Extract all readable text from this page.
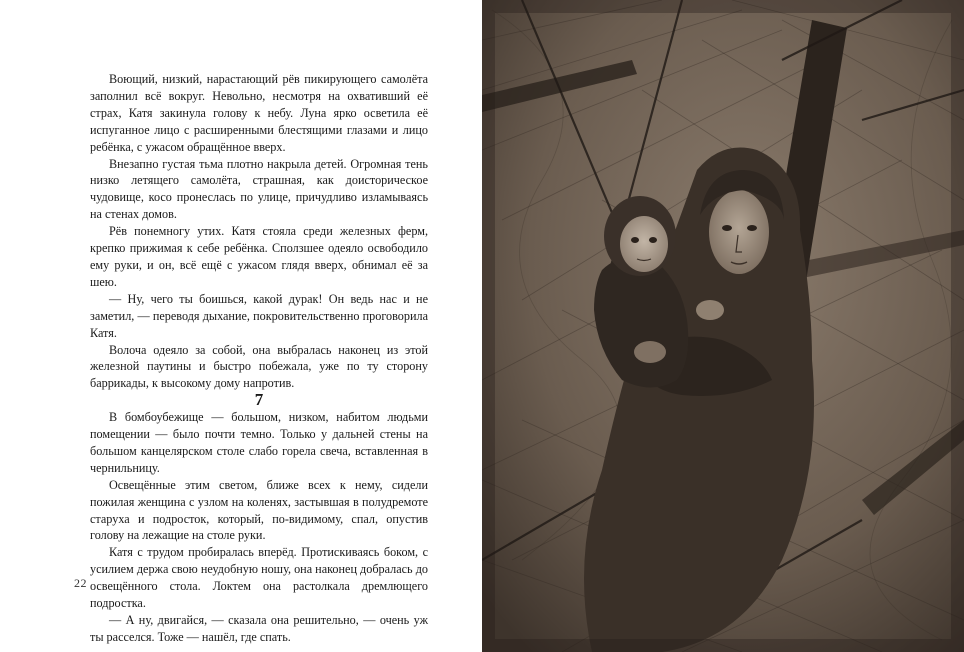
Воющий, низкий, нарастающий рёв пикирующего самолёта заполнил всё вокруг. Невольно, несмотря на охвативший её страх, Катя закинула голову к небу. Луна ярко осветила её испуганное лицо с расширенными блестящими глазами и лицо ребёнка, с ужасом обращённое вверх.

Внезапно густая тьма плотно накрыла детей. Огромная тень низко летящего самолёта, страшная, как доисторическое чудовище, косо пронеслась по улице, причудливо изламываясь на стенах домов.

Рёв понемногу утих. Катя стояла среди железных ферм, крепко прижимая к себе ребёнка. Сползшее одеяло освободило ему руки, и он, всё ещё с ужасом глядя вверх, обнимал её за шею.

— Ну, чего ты боишься, какой дурак! Он ведь нас и не заметил, — переводя дыхание, покровительственно проговорила Катя.

Волоча одеяло за собой, она выбралась наконец из этой железной паутины и быстро побежала, уже по ту сторону баррикады, к высокому дому напротив.

7

В бомбоубежище — большом, низком, набитом людьми помещении — было почти темно. Только у дальней стены на большом канцелярском столе слабо горела свеча, вставленная в чернильницу.

Освещённые этим светом, ближе всех к нему, сидели пожилая женщина с узлом на коленях, застывшая в полудремоте старуха и подросток, который, по-видимому, спал, опустив голову на лежащие на столе руки.

Катя с трудом пробиралась вперёд. Протискиваясь боком, с усилием держа свою неудобную ношу, она наконец добралась до освещённого стола. Локтем она растолкала дремлющего подростка.

— А ну, двигайся, — сказала она решительно, — очень уж ты расселся. Тоже — нашёл, где спать.

22
